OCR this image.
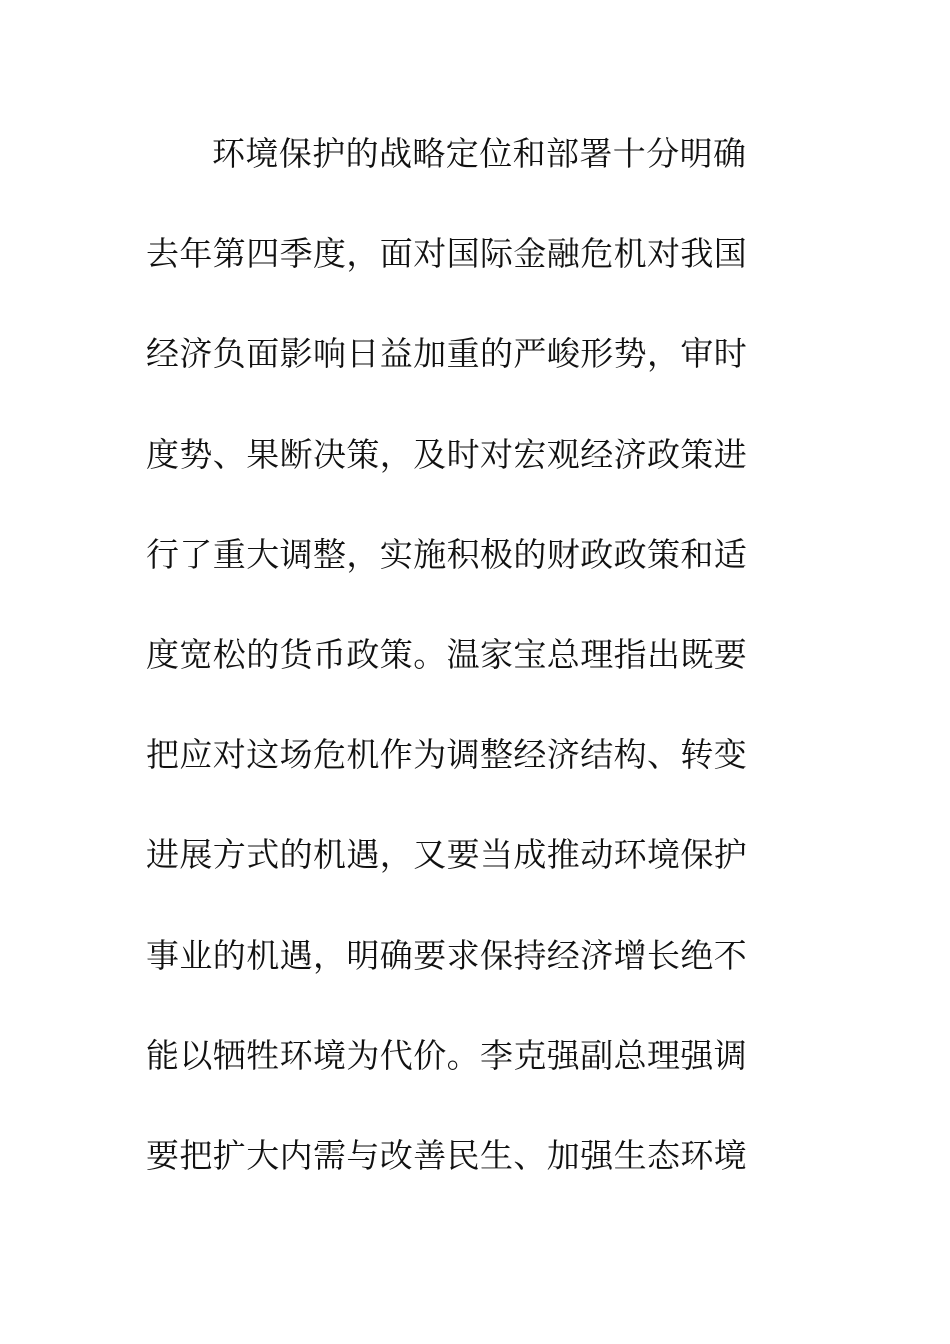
环境保护的战略定位和部署十分明确
去年第四季度，面对国际金融危机对我国
经济负面影响日益加重的严峻形势，审时
度势、果断决策，及时对宏观经济政策进
行了重大调整，实施积极的财政政策和适
度宽松的货币政策。温家宝总理指出既要
把应对这场危机作为调整经济结构、转变
进展方式的机遇，又要当成推动环境保护
事业的机遇，明确要求保持经济增长绝不
能以牺牲环境为代价。李克强副总理强调
要把扩大内需与改善民生、加强生态环境
